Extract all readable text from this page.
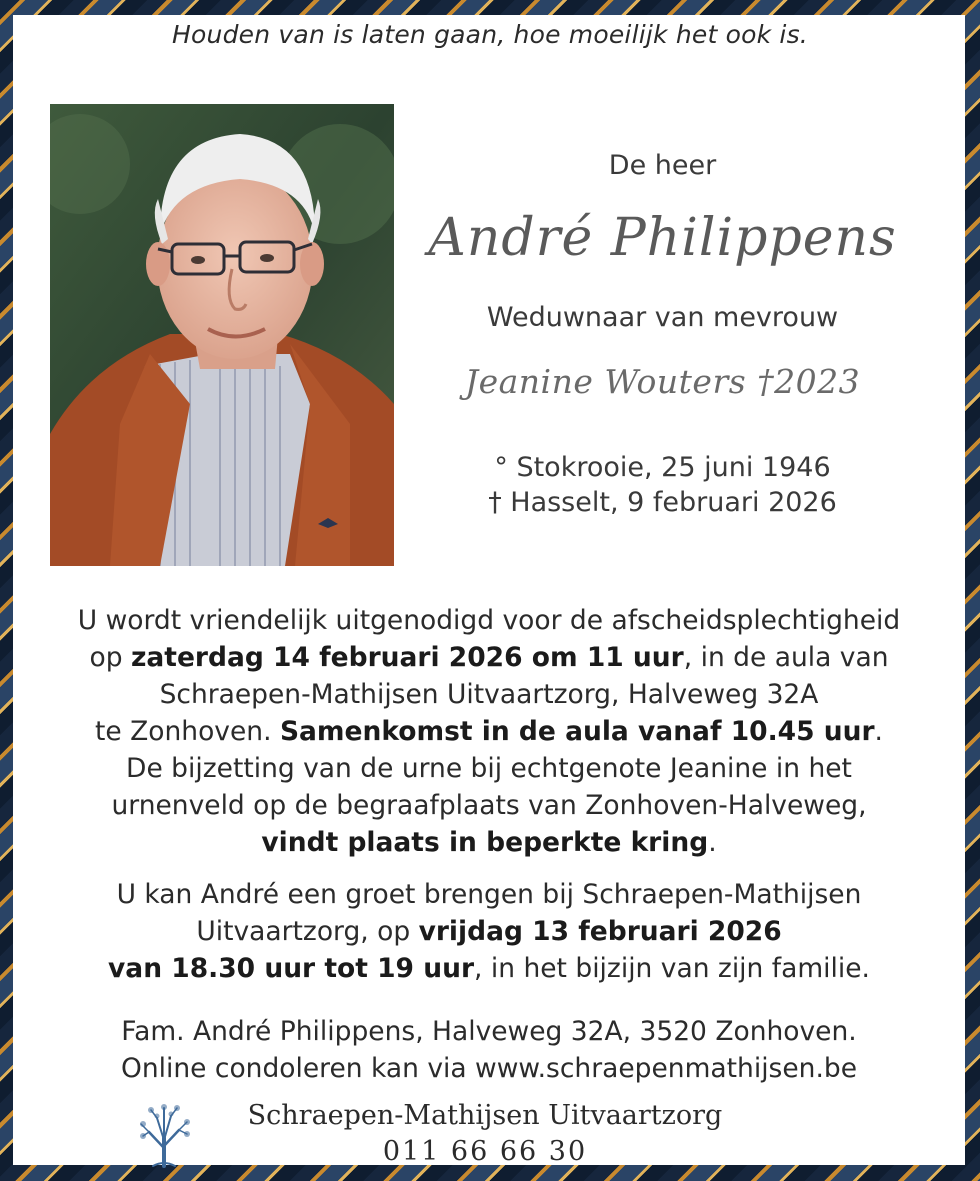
Houden van is laten gaan, hoe moeilijk het ook is.
De heer
André Philippens
Weduwnaar van mevrouw
Jeanine Wouters †2023
° Stokrooie, 25 juni 1946
† Hasselt, 9 februari 2026
U wordt vriendelijk uitgenodigd voor de afscheidsplechtigheid
op zaterdag 14 februari 2026 om 11 uur, in de aula van
Schraepen-Mathijsen Uitvaartzorg, Halveweg 32A
te Zonhoven. Samenkomst in de aula vanaf 10.45 uur.
De bijzetting van de urne bij echtgenote Jeanine in het
urnenveld op de begraafplaats van Zonhoven-Halveweg,
vindt plaats in beperkte kring.
U kan André een groet brengen bij Schraepen-Mathijsen
Uitvaartzorg, op vrijdag 13 februari 2026
van 18.30 uur tot 19 uur, in het bijzijn van zijn familie.
Fam. André Philippens, Halveweg 32A, 3520 Zonhoven.
Online condoleren kan via www.schraepenmathijsen.be
Schraepen-Mathijsen Uitvaartzorg
011 66 66 30
